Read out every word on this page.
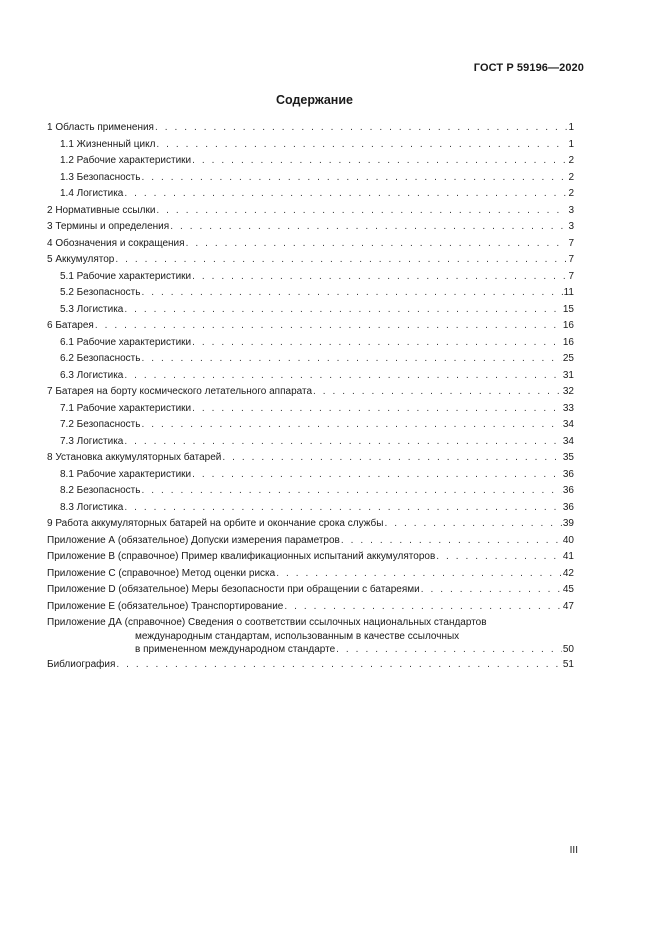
ГОСТ Р 59196—2020
Содержание
1 Область применения . . .	1
1.1 Жизненный цикл . . .	1
1.2 Рабочие характеристики . . .	2
1.3 Безопасность . . .	2
1.4 Логистика . . .	2
2 Нормативные ссылки . . .	3
3 Термины и определения . . .	3
4 Обозначения и сокращения . . .	7
5 Аккумулятор . . .	7
5.1 Рабочие характеристики . . .	7
5.2 Безопасность . . .	11
5.3 Логистика . . .	15
6 Батарея . . .	16
6.1 Рабочие характеристики . . .	16
6.2 Безопасность . . .	25
6.3 Логистика . . .	31
7 Батарея на борту космического летательного аппарата . . .	32
7.1 Рабочие характеристики . . .	33
7.2 Безопасность . . .	34
7.3 Логистика . . .	34
8 Установка аккумуляторных батарей . . .	35
8.1 Рабочие характеристики . . .	36
8.2 Безопасность . . .	36
8.3 Логистика . . .	36
9 Работа аккумуляторных батарей на орбите и окончание срока службы . . .	39
Приложение А (обязательное) Допуски измерения параметров . . .	40
Приложение В (справочное) Пример квалификационных испытаний аккумуляторов . . .	41
Приложение С (справочное) Метод оценки риска . . .	42
Приложение D (обязательное) Меры безопасности при обращении с батареями . . .	45
Приложение Е (обязательное) Транспортирование . . .	47
Приложение ДА (справочное) Сведения о соответствии ссылочных национальных стандартов
международным стандартам, использованным в качестве ссылочных
в примененном международном стандарте . . .	50
Библиография . . .	51
III
